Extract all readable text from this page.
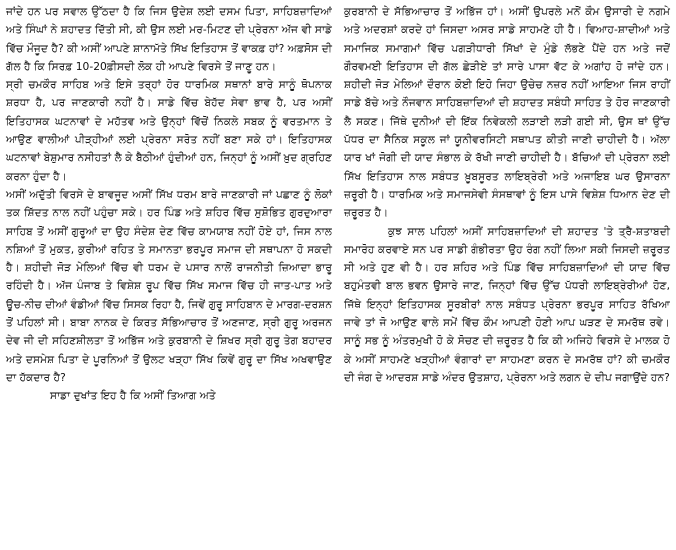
ਜਾਂਦੇ ਹਨ ਪਰ ਸਵਾਲ ਉੱਠਦਾ ਹੈ ਕਿ ਜਿਸ ਉਦੇਸ਼ ਲਈ ਦਸਮ ਪਿਤਾ, ਸਾਹਿਬਜ਼ਾਦਿਆਂ ਅਤੇ ਸਿੰਘਾਂ ਨੇ ਸ਼ਹਾਦਤ ਦਿੱਤੀ ਸੀ, ਕੀ ਉਸ ਲਈ ਮਰ-ਮਿਟਣ ਦੀ ਪ੍ਰੇਰਨਾ ਅੱਜ ਵੀ ਸਾਡੇ ਵਿੱਚ ਮੌਜੂਦ ਹੈ? ਕੀ ਅਸੀਂ ਆਪਣੇ ਸ਼ਾਨਾਮੱਤੇ ਸਿੱਖ ਇਤਿਹਾਸ ਤੋਂ ਵਾਕਫ਼ ਹਾਂ? ਅਫ਼ਸੋਸ ਦੀ ਗੱਲ ਹੈ ਕਿ ਸਿਰਫ਼ 10-20ਫ਼ੀਸਦੀ ਲੋਕ ਹੀ ਆਪਣੇ ਵਿਰਸੇ ਤੋਂ ਜਾਣੂ ਹਨ।

ਸ੍ਰੀ ਚਮਕੌਰ ਸਾਹਿਬ ਅਤੇ ਇਸੇ ਤਰ੍ਹਾਂ ਹੋਰ ਧਾਰਮਿਕ ਸਥਾਨਾਂ ਬਾਰੇ ਸਾਨੂੰ ਥੋਪਨਾਕ ਸ਼ਰਧਾ ਹੈ, ਪਰ ਜਾਣਕਾਰੀ ਨਹੀਂ ਹੈ। ਸਾਡੇ ਵਿੱਚ ਬੇਹੱਦ ਸੇਵਾ ਭਾਵ ਹੈ, ਪਰ ਅਸੀਂ ਇਤਿਹਾਸਕ ਘਟਨਾਵਾਂ ਦੇ ਮਹੱਤਵ ਅਤੇ ਉਨ੍ਹਾਂ ਵਿੱਚੋਂ ਨਿਕਲੇ ਸਬਕ ਨੂੰ ਵਰਤਮਾਨ ਤੇ ਆਉਣ ਵਾਲੀਆਂ ਪੀੜ੍ਹੀਆਂ ਲਈ ਪ੍ਰੇਰਨਾ ਸਰੋਤ ਨਹੀਂ ਬਣਾ ਸਕੇ ਹਾਂ। ਇਤਿਹਾਸਕ ਘਟਨਾਵਾਂ ਬੇਸ਼ੁਮਾਰ ਨਸੀਹਤਾਂ ਲੈ ਕੇ ਬੈਠੀਆਂ ਹੁੰਦੀਆਂ ਹਨ, ਜਿਨ੍ਹਾਂ ਨੂੰ ਅਸੀਂ ਖ਼ੁਦ ਗ੍ਰਹਿਣ ਕਰਨਾ ਹੁੰਦਾ ਹੈ।

ਅਸੀਂ ਅਦੁੱਤੀ ਵਿਰਸੇ ਦੇ ਬਾਵਜੂਦ ਅਸੀਂ ਸਿੱਖ ਧਰਮ ਬਾਰੇ ਜਾਣਕਾਰੀ ਜਾਂ ਪਛਾਣ ਨੂੰ ਲੋਕਾਂ ਤਕ ਸ਼ਿੱਦਤ ਨਾਲ ਨਹੀਂ ਪਹੁੰਚਾ ਸਕੇ। ਹਰ ਪਿੰਡ ਅਤੇ ਸ਼ਹਿਰ ਵਿੱਚ ਸੁਸ਼ੋਭਿਤ ਗੁਰਦੁਆਰਾ ਸਾਹਿਬ ਤੋਂ ਅਸੀਂ ਗੁਰੂਆਂ ਦਾ ਉਹ ਸੰਦੇਸ਼ ਦੇਣ ਵਿੱਚ ਕਾਮਯਾਬ ਨਹੀਂ ਹੋਏ ਹਾਂ, ਜਿਸ ਨਾਲ ਨਸ਼ਿਆਂ ਤੋਂ ਮੁਕਤ, ਕੁਰੀਆਂ ਰਹਿਤ ਤੇ ਸਮਾਨਤਾ ਭਰਪੂਰ ਸਮਾਜ ਦੀ ਸਥਾਪਨਾ ਹੋ ਸਕਦੀ ਹੈ। ਸ਼ਹੀਦੀ ਜੋੜ ਮੇਲਿਆਂ ਵਿੱਚ ਵੀ ਧਰਮ ਦੇ ਪਸਾਰ ਨਾਲੋਂ ਰਾਜਨੀਤੀ ਜ਼ਿਆਦਾ ਭਾਰੂ ਰਹਿੰਦੀ ਹੈ। ਅੱਜ ਪੰਜਾਬ ਤੇ ਵਿਸ਼ੇਸ਼ ਰੂਪ ਵਿੱਚ ਸਿੱਖ ਸਮਾਜ ਵਿੱਚ ਹੀ ਜਾਤ-ਪਾਤ ਅਤੇ ਊਚ-ਨੀਚ ਦੀਆਂ ਵੰਡੀਆਂ ਵਿੱਚ ਸਿਸਕ ਰਿਹਾ ਹੈ, ਜਿਵੇਂ ਗੁਰੂ ਸਾਹਿਬਾਨ ਦੇ ਮਾਰਗ-ਦਰਸ਼ਨ ਤੋਂ ਪਹਿਲਾਂ ਸੀ। ਬਾਬਾ ਨਾਨਕ ਦੇ ਕਿਰਤ ਸੱਭਿਆਚਾਰ ਤੋਂ ਅਣਜਾਣ, ਸ੍ਰੀ ਗੁਰੂ ਅਰਜਨ ਦੇਵ ਜੀ ਦੀ ਸਹਿਣਸ਼ੀਲਤਾ ਤੋਂ ਅਭਿੱਜ ਅਤੇ ਕੁਰਬਾਨੀ ਦੇ ਸ਼ਿਖਰ ਸ੍ਰੀ ਗੁਰੂ ਤੇਗ ਬਹਾਦਰ ਅਤੇ ਦਸਮੇਸ਼ ਪਿਤਾ ਦੇ ਪੂਰਨਿਆਂ ਤੋਂ ਉਲਟ ਖੜ੍ਹਾ ਸਿੱਖ ਕਿਵੇਂ ਗੁਰੂ ਦਾ ਸਿੱਖ ਅਖਵਾਉਣ ਦਾ ਹੱਕਦਾਰ ਹੈ?

ਸਾਡਾ ਦੁਖਾਂਤ ਇਹ ਹੈ ਕਿ ਅਸੀਂ ਤਿਆਗ ਅਤੇ

ਕੁਰਬਾਨੀ ਦੇ ਸੱਭਿਆਚਾਰ ਤੋਂ ਅਭਿੱਜ ਹਾਂ। ਅਸੀਂ ਉਪਰਲੇ ਮਨੋਂ ਕੌਮ ਉਸਾਰੀ ਦੇ ਨਗਮੇ ਅਤੇ ਅਦਰਸ਼ਾਂ ਕਰਦੇ ਹਾਂ ਜਿਸਦਾ ਅਸਰ ਸਾਡੇ ਸਾਹਮਣੇ ਹੀ ਹੈ। ਵਿਆਹ-ਸ਼ਾਦੀਆਂ ਅਤੇ ਸਮਾਜਿਕ ਸਮਾਗਮਾਂ ਵਿੱਚ ਪਗੜੀਧਾਰੀ ਸਿੱਖਾਂ ਦੇ ਮੁੰਡੇ ਲੱਭਣੇ ਪੈਂਦੇ ਹਨ ਅਤੇ ਜਦੋਂ ਗੌਰਵਮਈ ਇਤਿਹਾਸ ਦੀ ਗੱਲ ਛੇੜੀਏ ਤਾਂ ਸਾਰੇ ਪਾਸਾ ਵੱਟ ਕੇ ਅਗਾਂਹ ਹੋ ਜਾਂਦੇ ਹਨ। ਸ਼ਹੀਦੀ ਜੋੜ ਮੇਲਿਆਂ ਦੌਰਾਨ ਕੋਈ ਇਹੋ ਜਿਹਾ ਉਚੇਚ ਨਜ਼ਰ ਨਹੀਂ ਆਇਆ ਜਿਸ ਰਾਹੀਂ ਸਾਡੇ ਬੱਚੇ ਅਤੇ ਨੌਜਵਾਨ ਸਾਹਿਬਜ਼ਾਦਿਆਂ ਦੀ ਸ਼ਹਾਦਤ ਸਬੰਧੀ ਸਾਹਿਤ ਤੇ ਹੋਰ ਜਾਣਕਾਰੀ ਲੈ ਸਕਣ। ਜਿੱਥੇ ਦੁਨੀਆਂ ਦੀ ਇੱਕ ਨਿਵੇਕਲੀ ਲੜਾਈ ਲੜੀ ਗਈ ਸੀ, ਉਸ ਥਾਂ ਉੱਚ ਪੱਧਰ ਦਾ ਸੈਨਿਕ ਸਕੂਲ ਜਾਂ ਯੂਨੀਵਰਸਿਟੀ ਸਥਾਪਤ ਕੀਤੀ ਜਾਣੀ ਚਾਹੀਦੀ ਹੈ। ਅੱਲਾ ਯਾਰ ਖਾਂ ਜੋਗੀ ਦੀ ਯਾਦ ਸੰਭਾਲ ਕੇ ਰੱਖੀ ਜਾਣੀ ਚਾਹੀਦੀ ਹੈ। ਬੱਚਿਆਂ ਦੀ ਪ੍ਰੇਰਨਾ ਲਈ ਸਿੱਖ ਇਤਿਹਾਸ ਨਾਲ ਸਬੰਧਤ ਖ਼ੂਬਸੂਰਤ ਲਾਇਬ੍ਰੇਰੀ ਅਤੇ ਅਜਾਇਬ ਘਰ ਉਸਾਰਨਾ ਜ਼ਰੂਰੀ ਹੈ। ਧਾਰਮਿਕ ਅਤੇ ਸਮਾਜਸੇਵੀ ਸੰਸਥਾਵਾਂ ਨੂੰ ਇਸ ਪਾਸੇ ਵਿਸ਼ੇਸ਼ ਧਿਆਨ ਦੇਣ ਦੀ ਜ਼ਰੂਰਤ ਹੈ।

ਕੁਝ ਸਾਲ ਪਹਿਲਾਂ ਅਸੀਂ ਸਾਹਿਬਜ਼ਾਦਿਆਂ ਦੀ ਸ਼ਹਾਦਤ 'ਤੇ ਤ੍ਰੈ-ਸ਼ਤਾਬਦੀ ਸਮਾਰੋਹ ਕਰਵਾਏ ਸਨ ਪਰ ਸਾਡੀ ਗੰਭੀਰਤਾ ਉਹ ਰੰਗ ਨਹੀਂ ਲਿਆ ਸਕੀ ਜਿਸਦੀ ਜ਼ਰੂਰਤ ਸੀ ਅਤੇ ਹੁਣ ਵੀ ਹੈ। ਹਰ ਸ਼ਹਿਰ ਅਤੇ ਪਿੰਡ ਵਿੱਚ ਸਾਹਿਬਜ਼ਾਦਿਆਂ ਦੀ ਯਾਦ ਵਿੱਚ ਬਹੁਮੰਤਵੀ ਬਾਲ ਭਵਨ ਉਸਾਰੇ ਜਾਣ, ਜਿਨ੍ਹਾਂ ਵਿੱਚ ਉੱਚ ਪੱਧਰੀ ਲਾਇਬ੍ਰੇਰੀਆਂ ਹੋਣ, ਜਿੱਥੇ ਇਨ੍ਹਾਂ ਇਤਿਹਾਸਕ ਸੂਰਬੀਰਾਂ ਨਾਲ ਸਬੰਧਤ ਪ੍ਰੇਰਨਾ ਭਰਪੂਰ ਸਾਹਿਤ ਰੱਖਿਆ ਜਾਵੇ ਤਾਂ ਜੋ ਆਉਣ ਵਾਲੇ ਸਮੇਂ ਵਿੱਚ ਕੌਮ ਆਪਣੀ ਹੋਣੀ ਆਪ ਘੜਣ ਦੇ ਸਮਰੱਥ ਰਵੇ। ਸਾਨੂੰ ਸਭ ਨੂੰ ਅੰਤਰਮੁਖੀ ਹੋ ਕੇ ਸੋਚਣ ਦੀ ਜ਼ਰੂਰਤ ਹੈ ਕਿ ਕੀ ਅਜਿਹੇ ਵਿਰਸੇ ਦੇ ਮਾਲਕ ਹੋ ਕੇ ਅਸੀਂ ਸਾਹਮਣੇ ਖੜ੍ਹੀਆਂ ਵੰਗਾਰਾਂ ਦਾ ਸਾਹਮਣਾ ਕਰਨ ਦੇ ਸਮਰੱਥ ਹਾਂ? ਕੀ ਚਮਕੌਰ ਦੀ ਜੰਗ ਦੇ ਆਦਰਸ਼ ਸਾਡੇ ਅੰਦਰ ਉਤਸ਼ਾਹ, ਪ੍ਰੇਰਨਾ ਅਤੇ ਲਗਨ ਦੇ ਦੀਪ ਜਗਾਉਂਦੇ ਹਨ?
